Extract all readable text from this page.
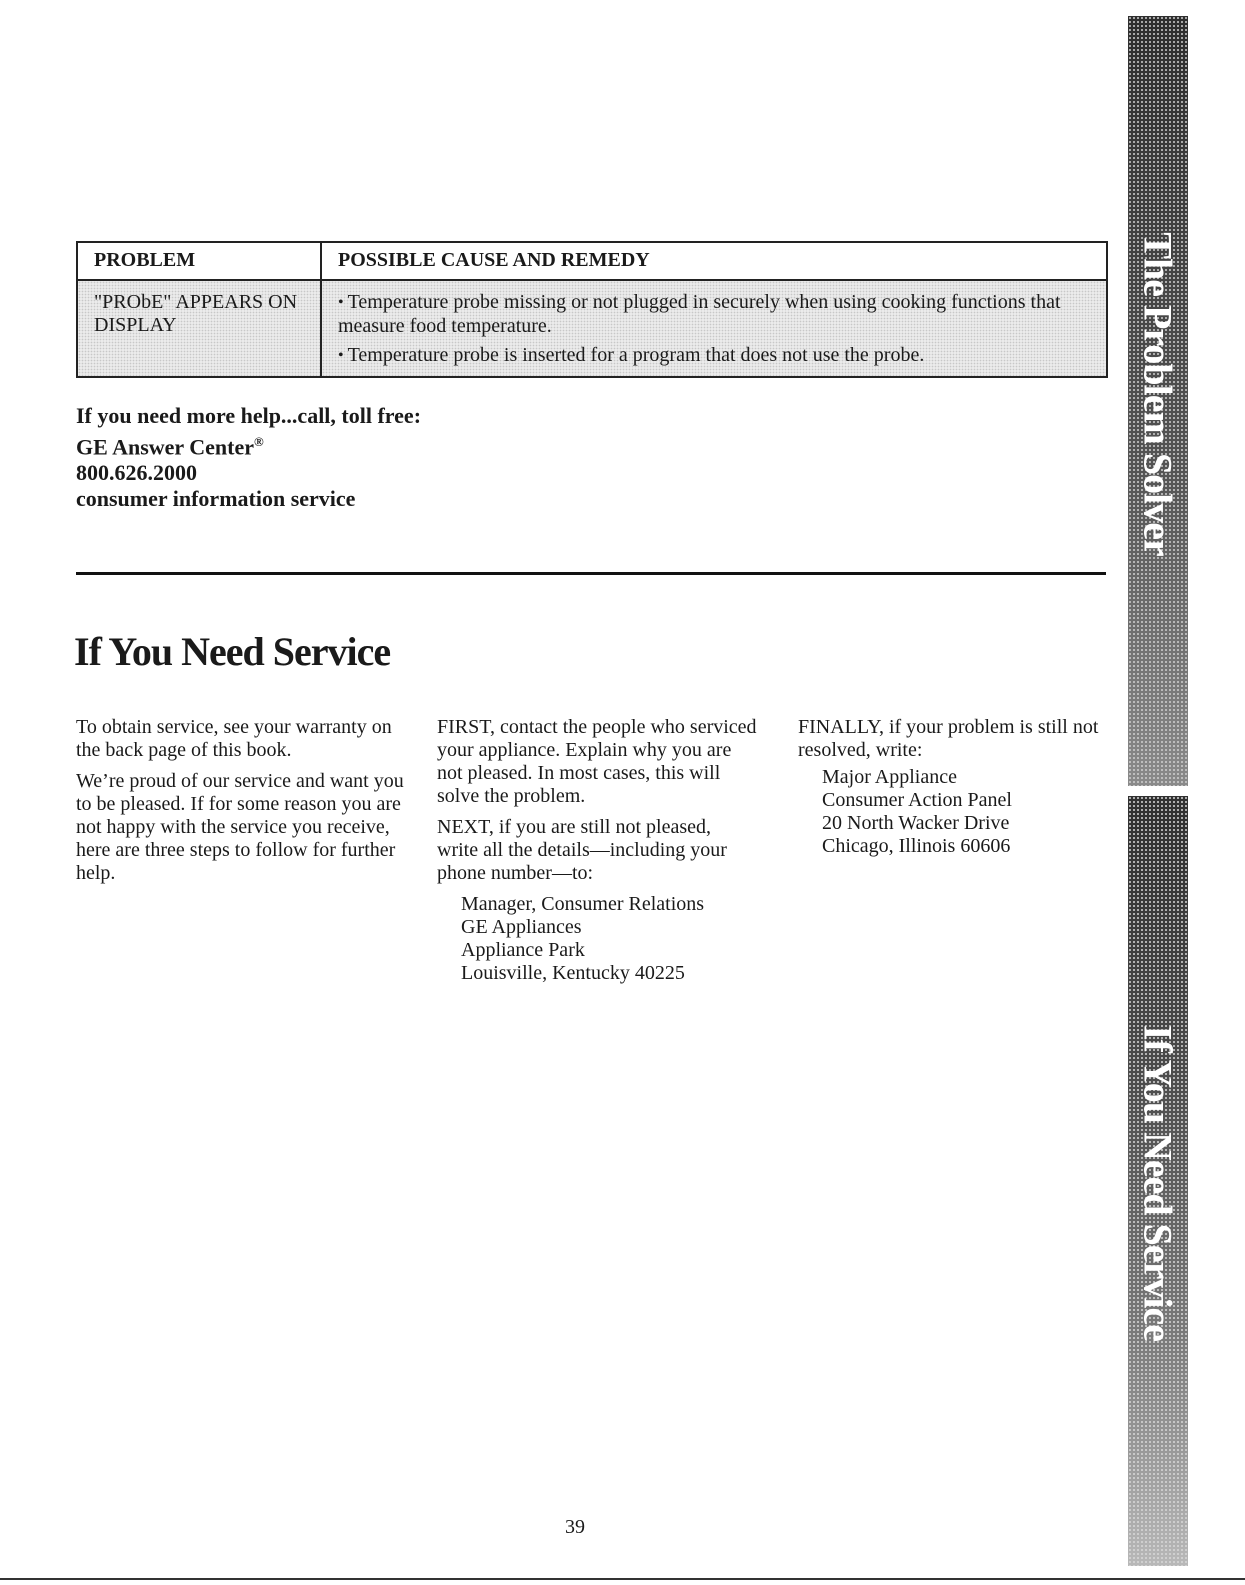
PROBLEM	POSSIBLE CAUSE AND REMEDY
"PRObE" APPEARS ON DISPLAY	• Temperature probe missing or not plugged in securely when using cooking functions that measure food temperature.

• Temperature probe is inserted for a program that does not use the probe.

If you need more help...call, toll free:
GE Answer Center®
800.626.2000
consumer information service
If You Need Service

To obtain service, see your warranty on the back page of this book.

We’re proud of our service and want you to be pleased. If for some reason you are not happy with the service you receive, here are three steps to follow for further help.

FIRST, contact the people who serviced your appliance. Explain why you are not pleased. In most cases, this will solve the problem.

NEXT, if you are still not pleased, write all the details—including your phone number—to:

Manager, Consumer Relations
GE Appliances
Appliance Park
Louisville, Kentucky 40225

FINALLY, if your problem is still not resolved, write:

Major Appliance
Consumer Action Panel
20 North Wacker Drive
Chicago, Illinois 60606
The Problem Solver
If You Need Service
39
